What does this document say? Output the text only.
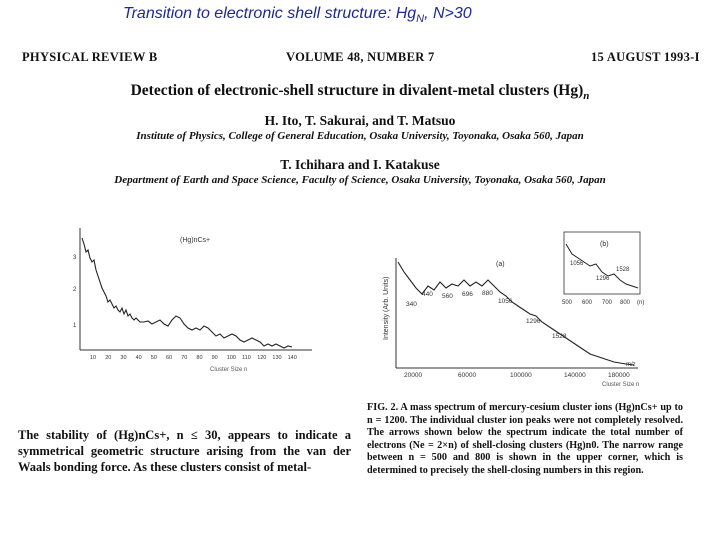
Transition to electronic shell structure: $Hg_N$, N>30
PHYSICAL REVIEW B	VOLUME 48, NUMBER 7	15 AUGUST 1993-I
Detection of electronic-shell structure in divalent-metal clusters $(Hg)_n$
H. Ito, T. Sakurai, and T. Matsuo
Institute of Physics, College of General Education, Osaka University, Toyonaka, Osaka 560, Japan
T. Ichihara and I. Katakuse
Department of Earth and Space Science, Faculty of Science, Osaka University, Toyonaka, Osaka 560, Japan
(Hg)nCs+
1
2
3
10 20 30 40 50 60 70 80 90 100 110 120 130 140
Cluster Size n
(b)
1056
1296
1528
500 600 700 800 (n)
Intensity (Arb. Units)
(a)
340
440 560 696 880
1056
1296
1528
20000	60000	100000	140000	180000
m/z
Cluster Size n
The stability of (Hg)nCs+, n ≤ 30, appears to indicate a symmetrical geometric structure arising from the van der Waals bonding force. As these clusters consist of metal-
FIG. 2. A mass spectrum of mercury-cesium cluster ions (Hg)nCs+ up to n = 1200. The individual cluster ion peaks were not completely resolved. The arrows shown below the spectrum indicate the total number of electrons (Ne = 2×n) of shell-closing clusters (Hg)n0. The narrow range between n = 500 and 800 is shown in the upper corner, which is determined to precisely the shell-closing numbers in this region.
